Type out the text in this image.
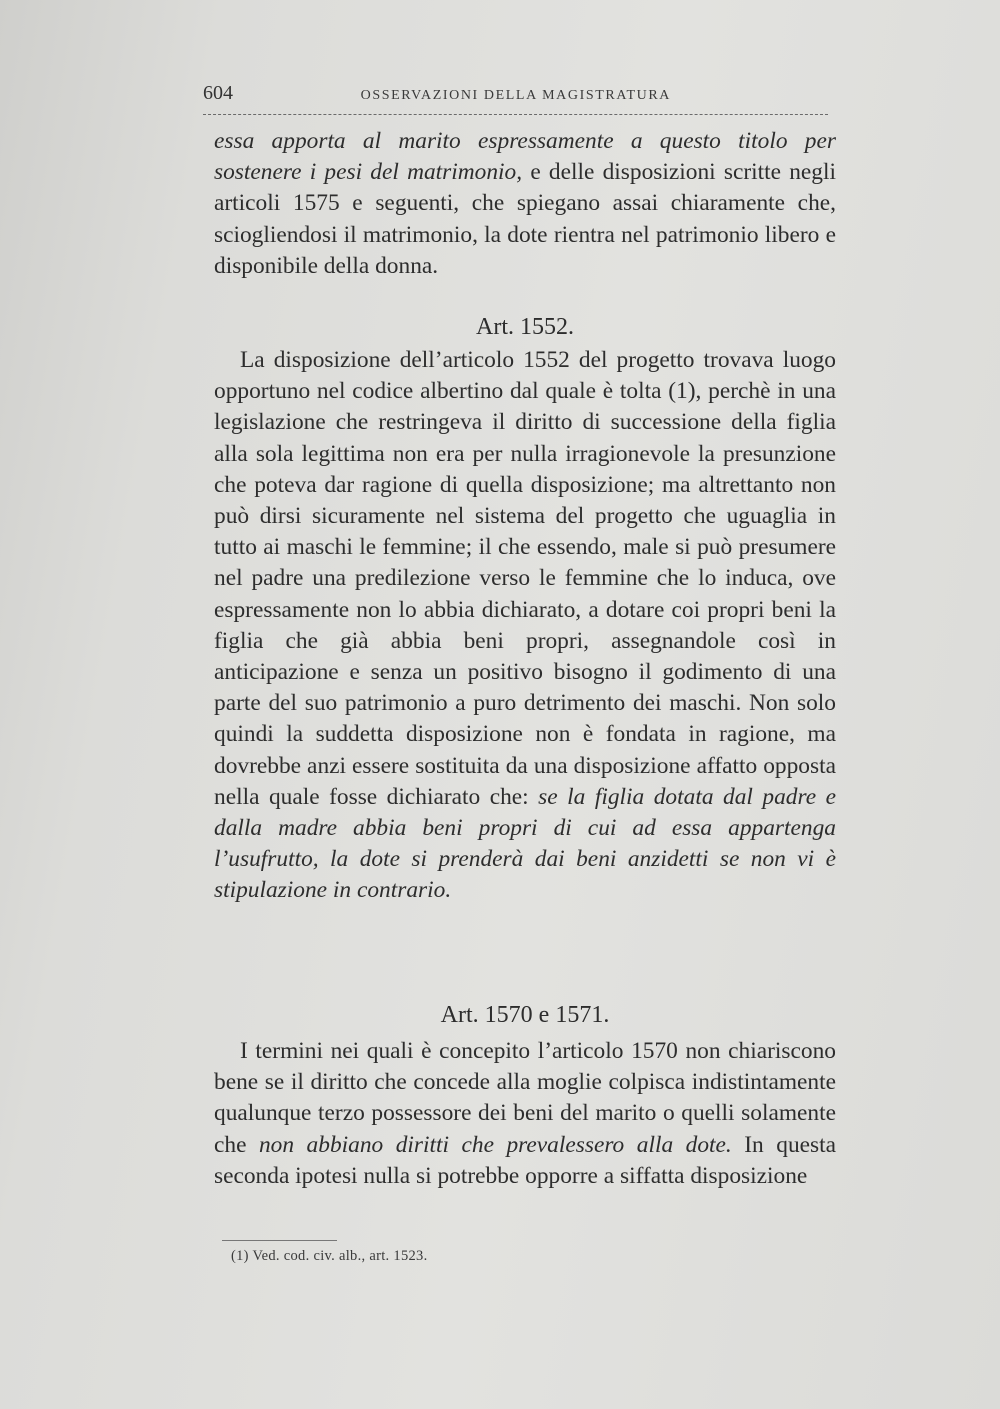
604	OSSERVAZIONI DELLA MAGISTRATURA

essa apporta al marito espressamente a questo titolo per sostenere i pesi del matrimonio, e delle disposizioni scritte negli articoli 1575 e seguenti, che spiegano assai chiaramente che, sciogliendosi il matrimonio, la dote rientra nel patrimonio libero e disponibile della donna.

Art. 1552.

La disposizione dell’articolo 1552 del progetto trovava luogo opportuno nel codice albertino dal quale è tolta (1), perchè in una legislazione che restringeva il diritto di successione della figlia alla sola legittima non era per nulla irragionevole la presunzione che poteva dar ragione di quella disposizione; ma altrettanto non può dirsi sicuramente nel sistema del progetto che uguaglia in tutto ai maschi le femmine; il che essendo, male si può presumere nel padre una predilezione verso le femmine che lo induca, ove espressamente non lo abbia dichiarato, a dotare coi propri beni la figlia che già abbia beni propri, assegnandole così in anticipazione e senza un positivo bisogno il godimento di una parte del suo patrimonio a puro detrimento dei maschi. Non solo quindi la suddetta disposizione non è fondata in ragione, ma dovrebbe anzi essere sostituita da una disposizione affatto opposta nella quale fosse dichiarato che: se la figlia dotata dal padre e dalla madre abbia beni propri di cui ad essa appartenga l’usufrutto, la dote si prenderà dai beni anzidetti se non vi è stipulazione in contrario.

Art. 1570 e 1571.

I termini nei quali è concepito l’articolo 1570 non chiariscono bene se il diritto che concede alla moglie colpisca indistintamente qualunque terzo possessore dei beni del marito o quelli solamente che non abbiano diritti che prevalessero alla dote. In questa seconda ipotesi nulla si potrebbe opporre a siffatta disposizione

(1) Ved. cod. civ. alb., art. 1523.
